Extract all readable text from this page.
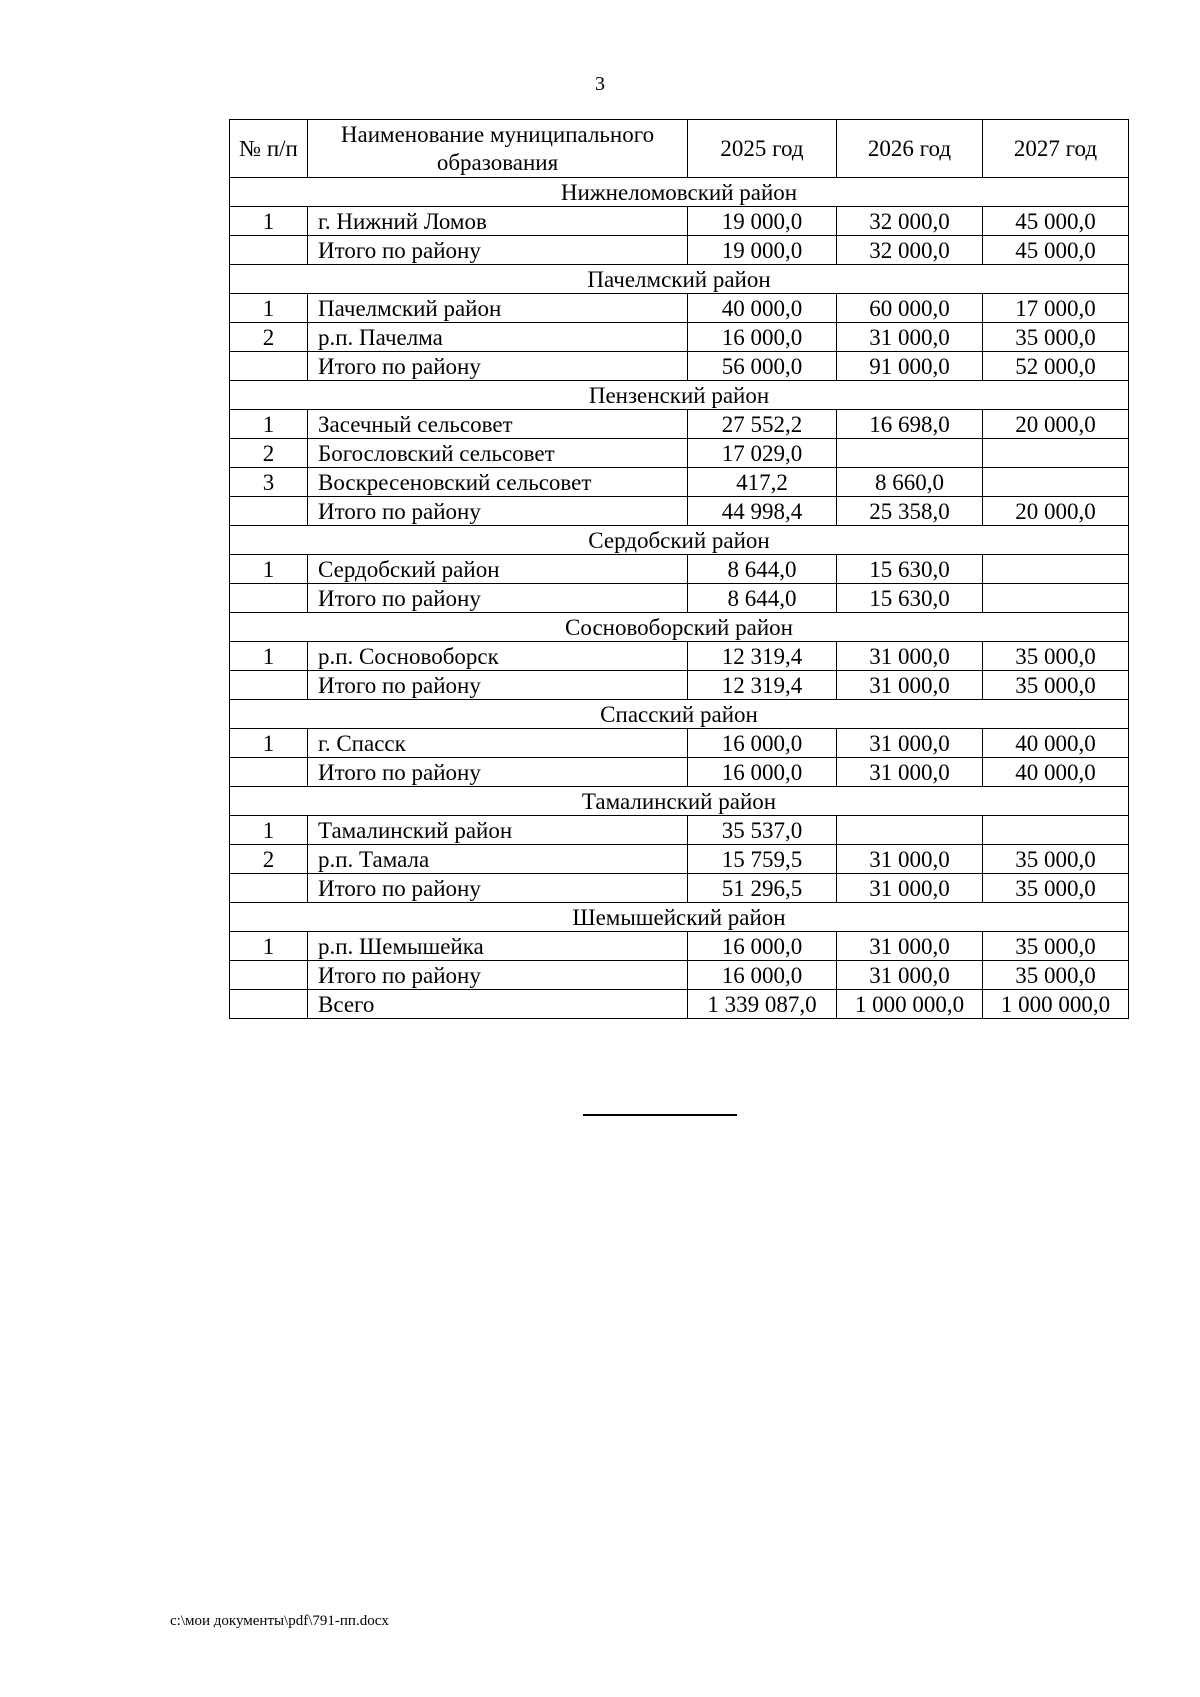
3
№ п/п	Наименование муниципального образования	2025 год	2026 год	2027 год
Нижнеломовский район				
1	г. Нижний Ломов	19 000,0	32 000,0	45 000,0
	Итого по району	19 000,0	32 000,0	45 000,0
Пачелмский район				
1	Пачелмский район	40 000,0	60 000,0	17 000,0
2	р.п. Пачелма	16 000,0	31 000,0	35 000,0
	Итого по району	56 000,0	91 000,0	52 000,0
Пензенский район				
1	Засечный сельсовет	27 552,2	16 698,0	20 000,0
2	Богословский сельсовет	17 029,0		
3	Воскресеновский сельсовет	417,2	8 660,0	
	Итого по району	44 998,4	25 358,0	20 000,0
Сердобский район				
1	Сердобский район	8 644,0	15 630,0	
	Итого по району	8 644,0	15 630,0	
Сосновоборский район				
1	р.п. Сосновоборск	12 319,4	31 000,0	35 000,0
	Итого по району	12 319,4	31 000,0	35 000,0
Спасский район				
1	г. Спасск	16 000,0	31 000,0	40 000,0
	Итого по району	16 000,0	31 000,0	40 000,0
Тамалинский район				
1	Тамалинский район	35 537,0		
2	р.п. Тамала	15 759,5	31 000,0	35 000,0
	Итого по району	51 296,5	31 000,0	35 000,0
Шемышейский район				
1	р.п. Шемышейка	16 000,0	31 000,0	35 000,0
	Итого по району	16 000,0	31 000,0	35 000,0
	Всего	1 339 087,0	1 000 000,0	1 000 000,0
c:\мои документы\pdf\791-пп.docx
